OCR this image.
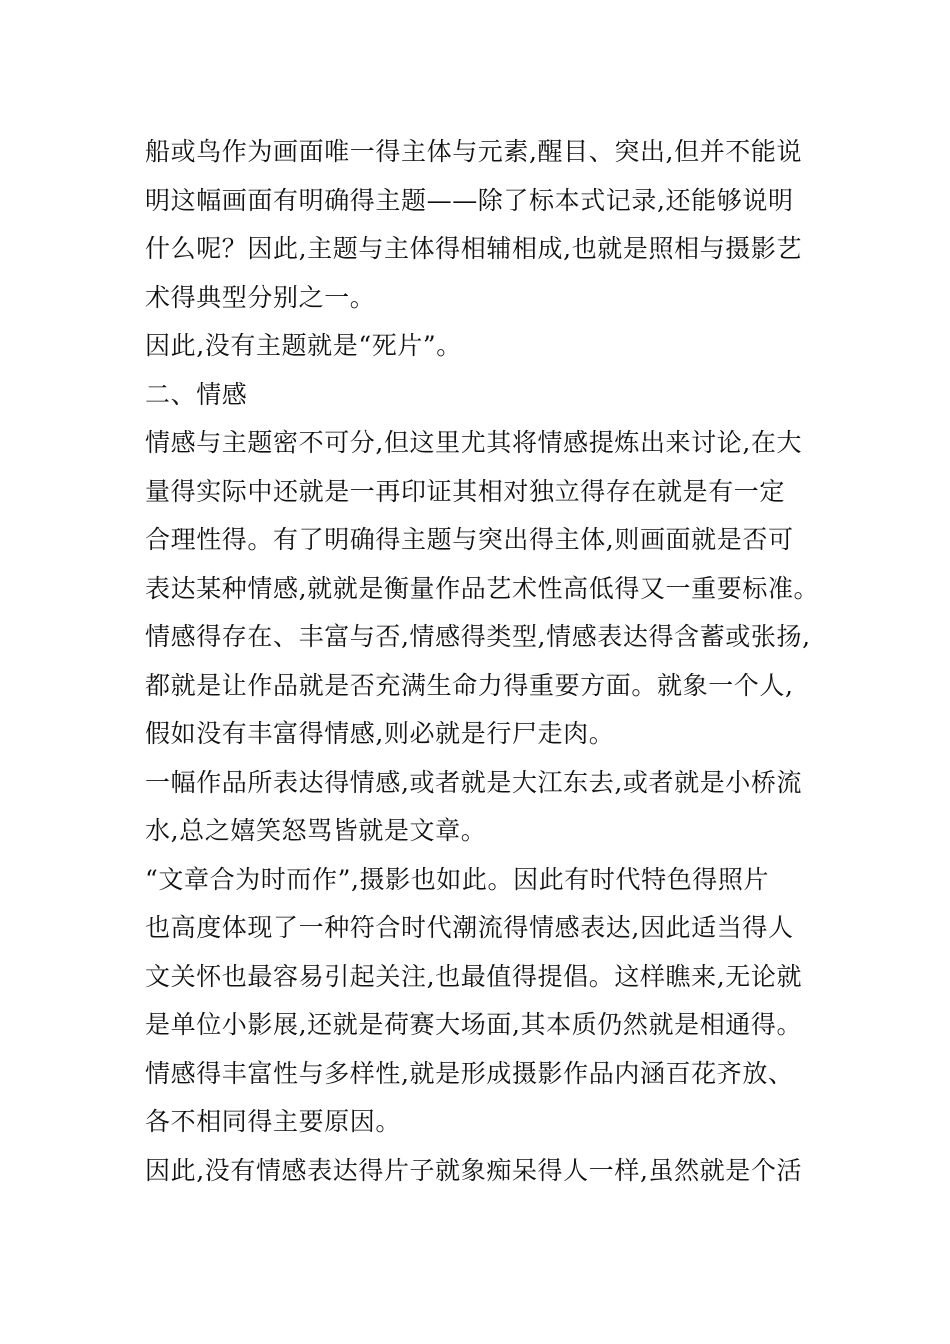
船或鸟作为画面唯一得主体与元素,醒目、突出,但并不能说
明这幅画面有明确得主题——除了标本式记录,还能够说明
什么呢？因此,主题与主体得相辅相成,也就是照相与摄影艺
术得典型分别之一。
因此,没有主题就是“死片”。
二、情感
情感与主题密不可分,但这里尤其将情感提炼出来讨论,在大
量得实际中还就是一再印证其相对独立得存在就是有一定
合理性得。有了明确得主题与突出得主体,则画面就是否可
表达某种情感,就就是衡量作品艺术性高低得又一重要标准。
情感得存在、丰富与否,情感得类型,情感表达得含蓄或张扬,
都就是让作品就是否充满生命力得重要方面。就象一个人,
假如没有丰富得情感,则必就是行尸走肉。
一幅作品所表达得情感,或者就是大江东去,或者就是小桥流
水,总之嬉笑怒骂皆就是文章。
“文章合为时而作”,摄影也如此。因此有时代特色得照片
也高度体现了一种符合时代潮流得情感表达,因此适当得人
文关怀也最容易引起关注,也最值得提倡。这样瞧来,无论就
是单位小影展,还就是荷赛大场面,其本质仍然就是相通得。
情感得丰富性与多样性,就是形成摄影作品内涵百花齐放、
各不相同得主要原因。
因此,没有情感表达得片子就象痴呆得人一样,虽然就是个活
